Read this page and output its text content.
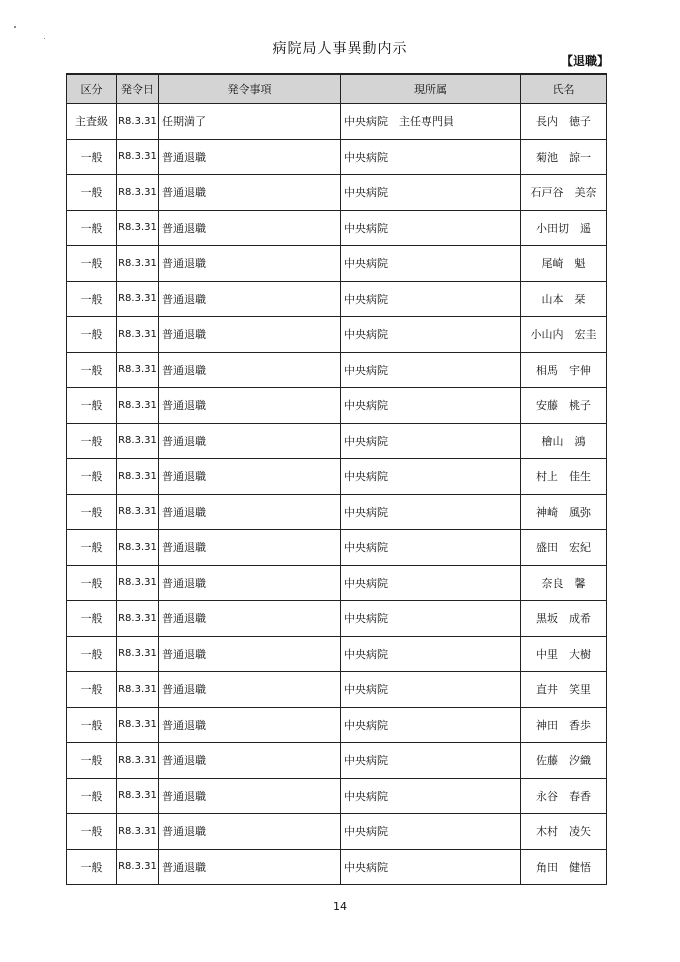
病院局人事異動内示
【退職】
区分	発令日	発令事項	現所属	氏名
主査級	R8.3.31	任期満了	中央病院　主任専門員	長内　徳子
一般	R8.3.31	普通退職	中央病院	菊池　諒一
一般	R8.3.31	普通退職	中央病院	石戸谷　美奈
一般	R8.3.31	普通退職	中央病院	小田切　遥
一般	R8.3.31	普通退職	中央病院	尾崎　魁
一般	R8.3.31	普通退職	中央病院	山本　栞
一般	R8.3.31	普通退職	中央病院	小山内　宏圭
一般	R8.3.31	普通退職	中央病院	相馬　宇伸
一般	R8.3.31	普通退職	中央病院	安藤　桃子
一般	R8.3.31	普通退職	中央病院	檜山　鴻
一般	R8.3.31	普通退職	中央病院	村上　佳生
一般	R8.3.31	普通退職	中央病院	神崎　風弥
一般	R8.3.31	普通退職	中央病院	盛田　宏紀
一般	R8.3.31	普通退職	中央病院	奈良　馨
一般	R8.3.31	普通退職	中央病院	黒坂　成希
一般	R8.3.31	普通退職	中央病院	中里　大樹
一般	R8.3.31	普通退職	中央病院	直井　笑里
一般	R8.3.31	普通退職	中央病院	神田　香歩
一般	R8.3.31	普通退職	中央病院	佐藤　汐織
一般	R8.3.31	普通退職	中央病院	永谷　春香
一般	R8.3.31	普通退職	中央病院	木村　凌矢
一般	R8.3.31	普通退職	中央病院	角田　健悟
14
